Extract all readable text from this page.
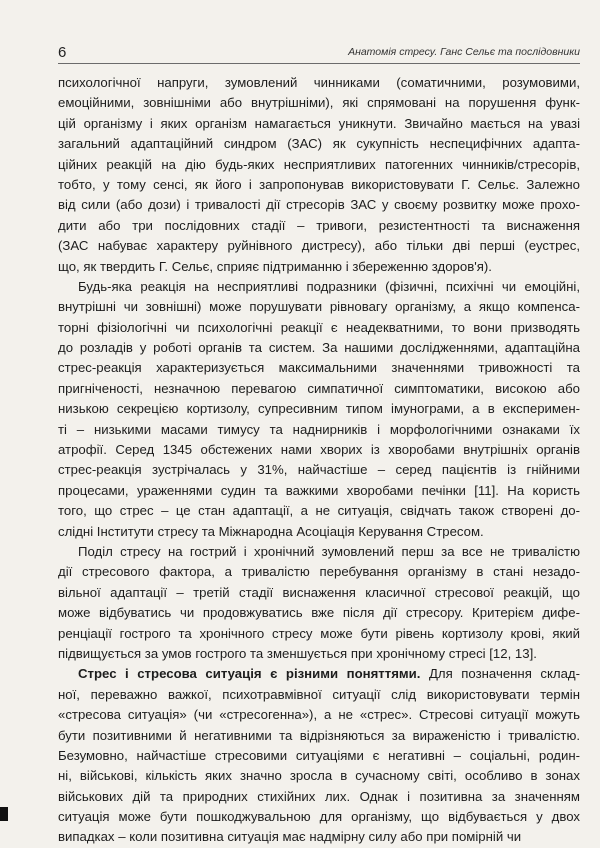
6	Анатомія стресу. Ганс Сельє та послідовники
психологічної напруги, зумовлений чинниками (соматичними, розумовими,
емоційними, зовнішніми або внутрішніми), які спрямовані на порушення функ-
цій організму і яких організм намагається уникнути. Звичайно мається на увазі
загальний адаптаційний синдром (ЗАС) як сукупність неспецифічних адапта-
ційних реакцій на дію будь-яких несприятливих патогенних чинників/стресорів,
тобто, у тому сенсі, як його і запропонував використовувати Г. Сельє. Залежно
від сили (або дози) і тривалості дії стресорів ЗАС у своєму розвитку може прохо-
дити або три послідовних стадії – тривоги, резистентності та виснаження
(ЗАС набуває характеру руйнівного дистресу), або тільки дві перші (еустрес,
що, як твердить Г. Сельє, сприяє підтриманню і збереженню здоров'я).
Будь-яка реакція на несприятливі подразники (фізичні, психічні чи емоційні,
внутрішні чи зовнішні) може порушувати рівновагу організму, а якщо компенса-
торні фізіологічні чи психологічні реакції є неадекватними, то вони призводять
до розладів у роботі органів та систем. За нашими дослідженнями, адаптаційна
стрес-реакція характеризується максимальними значеннями тривожності та
пригніченості, незначною перевагою симпатичної симптоматики, високою або
низькою секрецією кортизолу, супресивним типом імунограми, а в експеримен-
ті – низькими масами тимусу та наднирників і морфологічними ознаками їх
атрофії. Серед 1345 обстежених нами хворих із хворобами внутрішніх органів
стрес-реакція зустрічалась у 31%, найчастіше – серед пацієнтів із гнійними
процесами, ураженнями судин та важкими хворобами печінки [11]. На користь
того, що стрес – це стан адаптації, а не ситуація, свідчать також створені до-
слідні Інститути стресу та Міжнародна Асоціація Керування Стресом.
Поділ стресу на гострий і хронічний зумовлений перш за все не тривалістю
дії стресового фактора, а тривалістю перебування організму в стані незадо-
вільної адаптації – третій стадії виснаження класичної стресової реакцій, що
може відбуватись чи продовжуватись вже після дії стресору. Критерієм дифе-
ренціації гострого та хронічного стресу може бути рівень кортизолу крові, який
підвищується за умов гострого та зменшується при хронічному стресі [12, 13].
Стрес і стресова ситуація є різними поняттями. Для позначення склад-
ної, переважно важкої, психотравмівної ситуації слід використовувати термін
«стресова ситуація» (чи «стресогенна»), а не «стрес». Стресові ситуації можуть
бути позитивними й негативними та відрізняються за вираженістю і тривалістю.
Безумовно, найчастіше стресовими ситуаціями є негативні – соціальні, родин-
ні, військові, кількість яких значно зросла в сучасному світі, особливо в зонах
військових дій та природних стихійних лих. Однак і позитивна за значенням
ситуація може бути пошкоджувальною для організму, що відбувається у двох
випадках – коли позитивна ситуація має надмірну силу або при помірній чи
